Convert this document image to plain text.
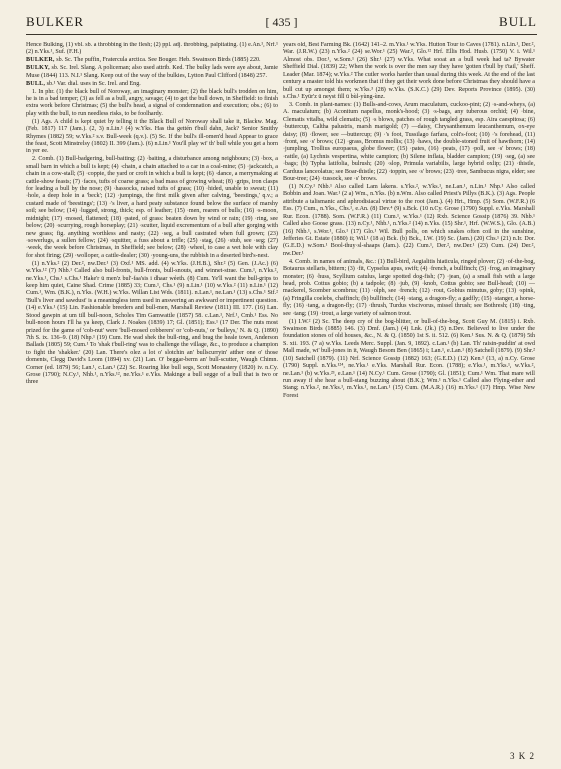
BULKER	[ 435 ]	BULL

Hence Bulking, (1) vbl. sb. a throbbing in the flesh; (2) ppl. adj. throbbing, palpitating. (1) e.An.¹, Nrf.¹ (2) n.Yks.¹, Suf. (F.H.)

BULKER, sb. Sc. The puffin, Fratercula arctica. See Bouger. Heb. Swainson Birds (1885) 220.

BULKY, sb. Sc. Irel. Slang. A policeman; also used attrib. Ked. The bulky lads were aye about, Jamie Muse (1844) 113. N.I.¹ Slang. Keep out of the way of the bulkies, Lytton Paul Clifford (1848) 257.

BULL, sb.¹ Var. dial. uses in Sc. Irel. and Eng.

1. In phr. (1) the black bull of Noroway, an imaginary monster; (2) the black bull's trodden on him, he is in a bad temper; (3) as fell as a bull, angry, savage; (4) to get the bull down, in Sheffield: to finish extra work before Christmas; (5) the bull's head, a signal of condemnation and execution; obs.; (6) to play with the bull, to run needless risks, to be foolhardy.

(1) Ags. A child is kept quiet by telling it the Black Bull of Noroway shall take it, Blackw. Mag. (Feb. 1817) 117 (Jam.). (2, 3) n.Lin.¹ (4) w.Yks. Has tha gettén t'bull dahn, Jack? Senior Smithy Rhymes (1882) 59; w.Yks.² s.v. Bull-week (q.v.). (5) Sc. If the bull's ill-omen'd head Appear to grace the feast, Scott Minstrelsy (1802) II. 399 (Jam.). (6) n.Lin.¹ You'll play wi' th' bull while you get a horn in yer ee.

2. Comb. (1) Bull-badgering, bull-baiting; (2) ·baiting, a disturbance among neighbours; (3) ·box, a small barn in which a bull is kept; (4) ·chain, a chain attached to a car in a coal-mine; (5) ·jackcatch, a chain in a cow-stall; (5) ·coppie, the yard or croft in which a bull is kept; (6) ·dance, a merrymaking at cattle-show feasts; (7) ·faces, tufts of coarse grass; a bad mass of growing wheat; (8) ·grips, iron clasps for leading a bull by the nose; (9) ·hassocks, raised tufts of grass; (10) ·hided, unable to sweat; (11) ·hole, a deep hole in a 'beck'; (12) ·jumpings, the first milk given after calving, 'beestings,' q.v.; a custard made of 'beestings'; (13) ·'s liver, a hard peaty substance found below the surface of marshy soil; see below; (14) ·lugged, strong, thick; esp. of leather; (15) ·men, rearers of bulls; (16) ·s-moon, midnight; (17) ·mosed, flattened; (18) ·pated, of grass: beaten down by wind or rain; (19) ·ring, see below; (20) ·scurrying, rough horseplay; (21) ·scutter, liquid excrementum of a bull after gorging with new grass; fig. anything worthless and nasty; (22) ·seg, a bull castrated when full grown; (23) ·sowerlugs, a sullen fellow; (24) ·squitter, a fuss about a trifle; (25) ·stag, (26) ·stub, see ·seg; (27) ·week, the week before Christmas, in Sheffield; see below; (28) ·wheel, to case a wet hole with clay for shot firing; (29) ·wolloper, a cattle-dealer; (30) ·young-uns, the rubbish in a deserted bird's-nest.

(1) n.Yks.² (2) Der.², nw.Der.¹ (3) Oxf.¹ MS. add. (4) w.Yks. (J.H.B.), Shr.² (5) Gen. (J.Ac.) (6) w.Yks.¹² (7) Nhb.¹ Called also bull-fronts, bull-fronts, bull-snouts, and winnet-strae. Cum.¹, n.Yks.², ne.Yks.¹, Chs.¹ s.Chs.¹ Hake'r ū men'z bul'-faa'sis i dhaar wéeth. (8) Cum. Ye'll want the bull-grips to keep him quiet, Caine Shad. Crime (1885) 33; Cum.¹, Chs.¹ (9) n.Lin.¹ (10) w.Yks.² (11) n.Lin.¹ (12) Cum.¹, Wm. (B.K.), n.Yks. (W.H.) w.Yks. Willan List Wds. (1811). n.Lan.¹, ne.Lan.¹ (13) s.Chs.¹ Stf.² 'Bull's liver and sawdust' is a meaningless term used in answering an awkward or impertinent question. (14) e.Yks.¹ (15) Lin. Fashionable breeders and bull-men, Marshall Review (1811) III. 177. (16) Lan. Stood gawpin at um till bull-noon, Scholes Tim Gamwattle (1857) 58. c.Lan.¹, Nrf.¹, Cmb.¹ Ess. No bull-noon hours I'll ha ya keep, Clark J. Noakes (1839) 17; Gl. (1851); Ess.¹ (17 Der. The nuts most prized for the game of 'cob-nut' were 'bull-mosed cobberers' or 'cob-nuts,' or 'bulleys,' N. & Q. (1890) 7th S. ix. 136–9. (18) Nhp.¹ (19) Cum. He wad shek the bull-ring, and brag the heale town, Anderson Ballads (1805) 59; Cum.¹ To 'shak t'bull-ring' was to challenge the village, &c., to produce a champion to fight the 'shakker.' (20) Lan. There's olez a lot o' slotchin an' bullscurryin' atther one o' those doments, Clegg David's Loom (1894) xv. (21) Lan. O' beggar-berm an' bull-scutter, Waugh Chimn. Corner (ed. 1879) 56; Lan.¹, c.Lan.¹ (22) Sc. Roaring like bull segs, Scott Monastery (1820) iv. n.Cy. Grose (1790); N.Cy.¹, Nhb.¹, n.Yks.¹², ne.Yks.¹ e.Yks. Makinge a bull segge of a bull that is two or three

years old, Best Farming Bk. (1642) 141–2. m.Yks.¹ w.Yks. Hutton Tour to Caves (1781). n.Lin.¹, Der.², War. (J.R.W.) (23) n.Yks.² (24) se.Wor.¹ (25) War.², Glo.¹² Hrf. Ellis Hod. Husb. (1750) V. i. Wil.¹ Almost obs. Dor.¹, w.Som.¹ (26) Shr.¹ (27) w.Yks. What sooat an a bull week had ta? Bywater Sheffield Dial. (1839) 22; When the work is over the men say they have 'gotten t'bull by t'tail,' Sheff. Leader (Mar. 1874); w.Yks.² The cutler works harder than usual during this week. At the end of the last century a master told his workmen that if they get their work done before Christmas they should have a bull cut up amongst them; w.Yks.³ (28) w.Yks. (S.K.C.) (29) Dev. Reports Province (1895). (30) s.Chs.¹ Eyür'z ü neyst fill ü bùl-yùng-ùnz.

3. Comb. in plant-names: (1) Bulls-and-cows, Arum maculatum, cuckoo-pint; (2) ·s-and-wheys, (a) A. maculatum; (b) Aconitum napellus, monk's-hood; (3) ·s-bags, any tuberous orchid; (4) ·bine, Clematis vitalba, wild clematis; (5) ·s blows, patches of rough tangled grass, esp. Aira caespitosa; (6) ·buttercup, Caltha palustris, marsh marigold; (7) —daisy, Chrysanthemum leucanthemum, ox-eye daisy; (8) ·flower, see —buttercup; (9) ·'s foot, Tussilago farfara, colt's-foot; (10) ·'s forehead, (11) ·front, see ·s' brows; (12) ·grass, Bromus mollis; (13) ·haws, the double-stoned fruit of hawthorn; (14) ·jumpling, Trollius europaeus, globe flower; (15) ·pates, (16) ·peats, (17) ·poll, see ·s' brows; (18) ·rattle, (a) Lychnis vespertina, white campion; (b) Silene inflata, bladder campion; (19) ·seg, (a) see ·bags; (b) Typha latifolia, bulrush; (20) ·slop, Primula variabilis, large hybrid oxlip; (21) ·thistle, Carduus lanceolatus; see Boar-thistle; (22) ·toppin, see ·s' brows; (23) ·tree, Sambucus nigra, elder; see Bour-tree; (24) ·tussock, see ·s' brows.

(1) N.Cy.¹ Nhb.¹ Also called Lam lakens. s.Yks.², w.Yks.¹, ne.Lan.¹, n.Lin.¹ Nhp.¹ Also called Bobbin and Joan. War.¹ (2 a) Wm., n.Yks. (b) n.Wm. Also called Priest's Pillys (B.K.). (3) Ags. People attribute a talismanic and aphrodisiacal virtue to the root (Jam.). (4) Hrt., Hmp. (5) Som. (W.F.R.) (6 Ess. (7) Cum., n.Yks., Chs.¹, e.An. (8) Dev.⁴ (9) s.Bck. (10 n.Cy. Grose (1790) Suppl. e.Yks. Marshall Rur. Econ. (1788). Som. (W.F.R.) (11) Cum.¹, w.Yks.¹ (12) Rxb. Science Gossip (1876) 39. Nhb.¹ Called also Goose grass. (13) n.Cy.¹, Nhb.¹, n.Yks.² (14) n.Yks. (15) Shr.¹, Hrf. (W.W.S.), Glo. (A.B.) (16) Nhb.¹, s.Wor.¹, Glo.¹ (17) Glo.¹ Wil. Bull polls, on which snakes often coil in the sunshine, Jefferies Gt. Estate (1880) ii; Wil.¹ (18 a) Bck. (b) Bck., I.W. (19) Sc. (Jam.) (20) Chs.¹ (21) n.Ir. Dor. (G.E.D.) w.Som.¹ Bool-thuy·sl-shaaps (Jam.). (22) Cum.¹, Der.², nw.Der.¹ (23) Cum. (24) Der.², nw.Der.¹

4. Comb. in names of animals, &c.: (1) Bull-bird, Aegialitis hiaticula, ringed plover; (2) ·of-the-bog, Botaurus stellaris, bittern; (3) ·fit, Cypselus apus, swift; (4) ·french, a bullfinch; (5) ·frog, an imaginary monster; (6) ·huss, Scyllium catulus, large spotted dog-fish; (7) ·jean, (a) a small fish with a large head, prob. Cottus gobio; (b) a tadpole; (8) ·jub, (9) ·knob, Cottus gobio; see Bull-head; (10) —mackerel, Scomber scombrus; (11) ·olph, see ·french; (12) ·rout, Gobius minutus, goby; (13) ·spink, (a) Fringilla coelebs, chaffinch; (b) bullfinch; (14) ·stang, a dragon-fly; a gadfly; (15) ·stanger, a horse-fly; (16) ·tang, a dragon-fly; (17) ·thrush, Turdus viscivorus, missel thrush; see Bothresh; (18) ·ting, see ·tang; (19) ·trout, a large variety of salmon trout.

(1) I.W.² (2) Sc. The deep cry of the bog-blitter, or bull-of-the-bog, Scott Guy M. (1815) i. Rxb. Swainson Birds (1885) 146. (3) Dmf. (Jam.) (4) Lnk. (Jk.) (5) n.Dev. Believed to live under the foundation stones of old houses, &c., N. & Q. (1850) 1st S. ii. 512. (6) Ken.¹ Sus. N. & Q. (1879) 5th S. xii. 193. (7 a) w.Yks. Leeds Merc. Suppl. (Jan. 9, 1892). c.Lan.¹ (b) Lan. Th' raisin-puddin' at owd Mall made, wi' bull-jones in it, Waugh Besom Ben (1865) i; Lan.¹, e.Lan.¹ (8) Satchell (1879). (9) Shr.² (10) Satchell (1879). (11) Nrf. Science Gossip (1882) 163; (G.E.D.) (12) Ken.¹ (13, a) n.Cy. Grose (1790) Suppl. n.Yks.¹²⁴, ne.Yks.¹ e.Yks. Marshall Rur. Econ. (1788); e.Yks.¹, m.Yks.¹, w.Yks.², ne.Lan.¹ (b) w.Yks.²³, e.Lan.¹ (14) N.Cy.¹ Cum. Grose (1790); Gl. (1851); Cum.¹ Wm. That mare will run away if she hear a bull-stang buzzing about (B.K.); Wm.¹ n.Yks.¹ Called also Flying-ether and Stang; n.Yks.², ne.Yks.¹, m.Yks.¹, ne.Lan.¹ (15) Cum. (M.A.R.) (16) m.Yks.¹ (17) Hmp. Wise New Forest

3 K 2
